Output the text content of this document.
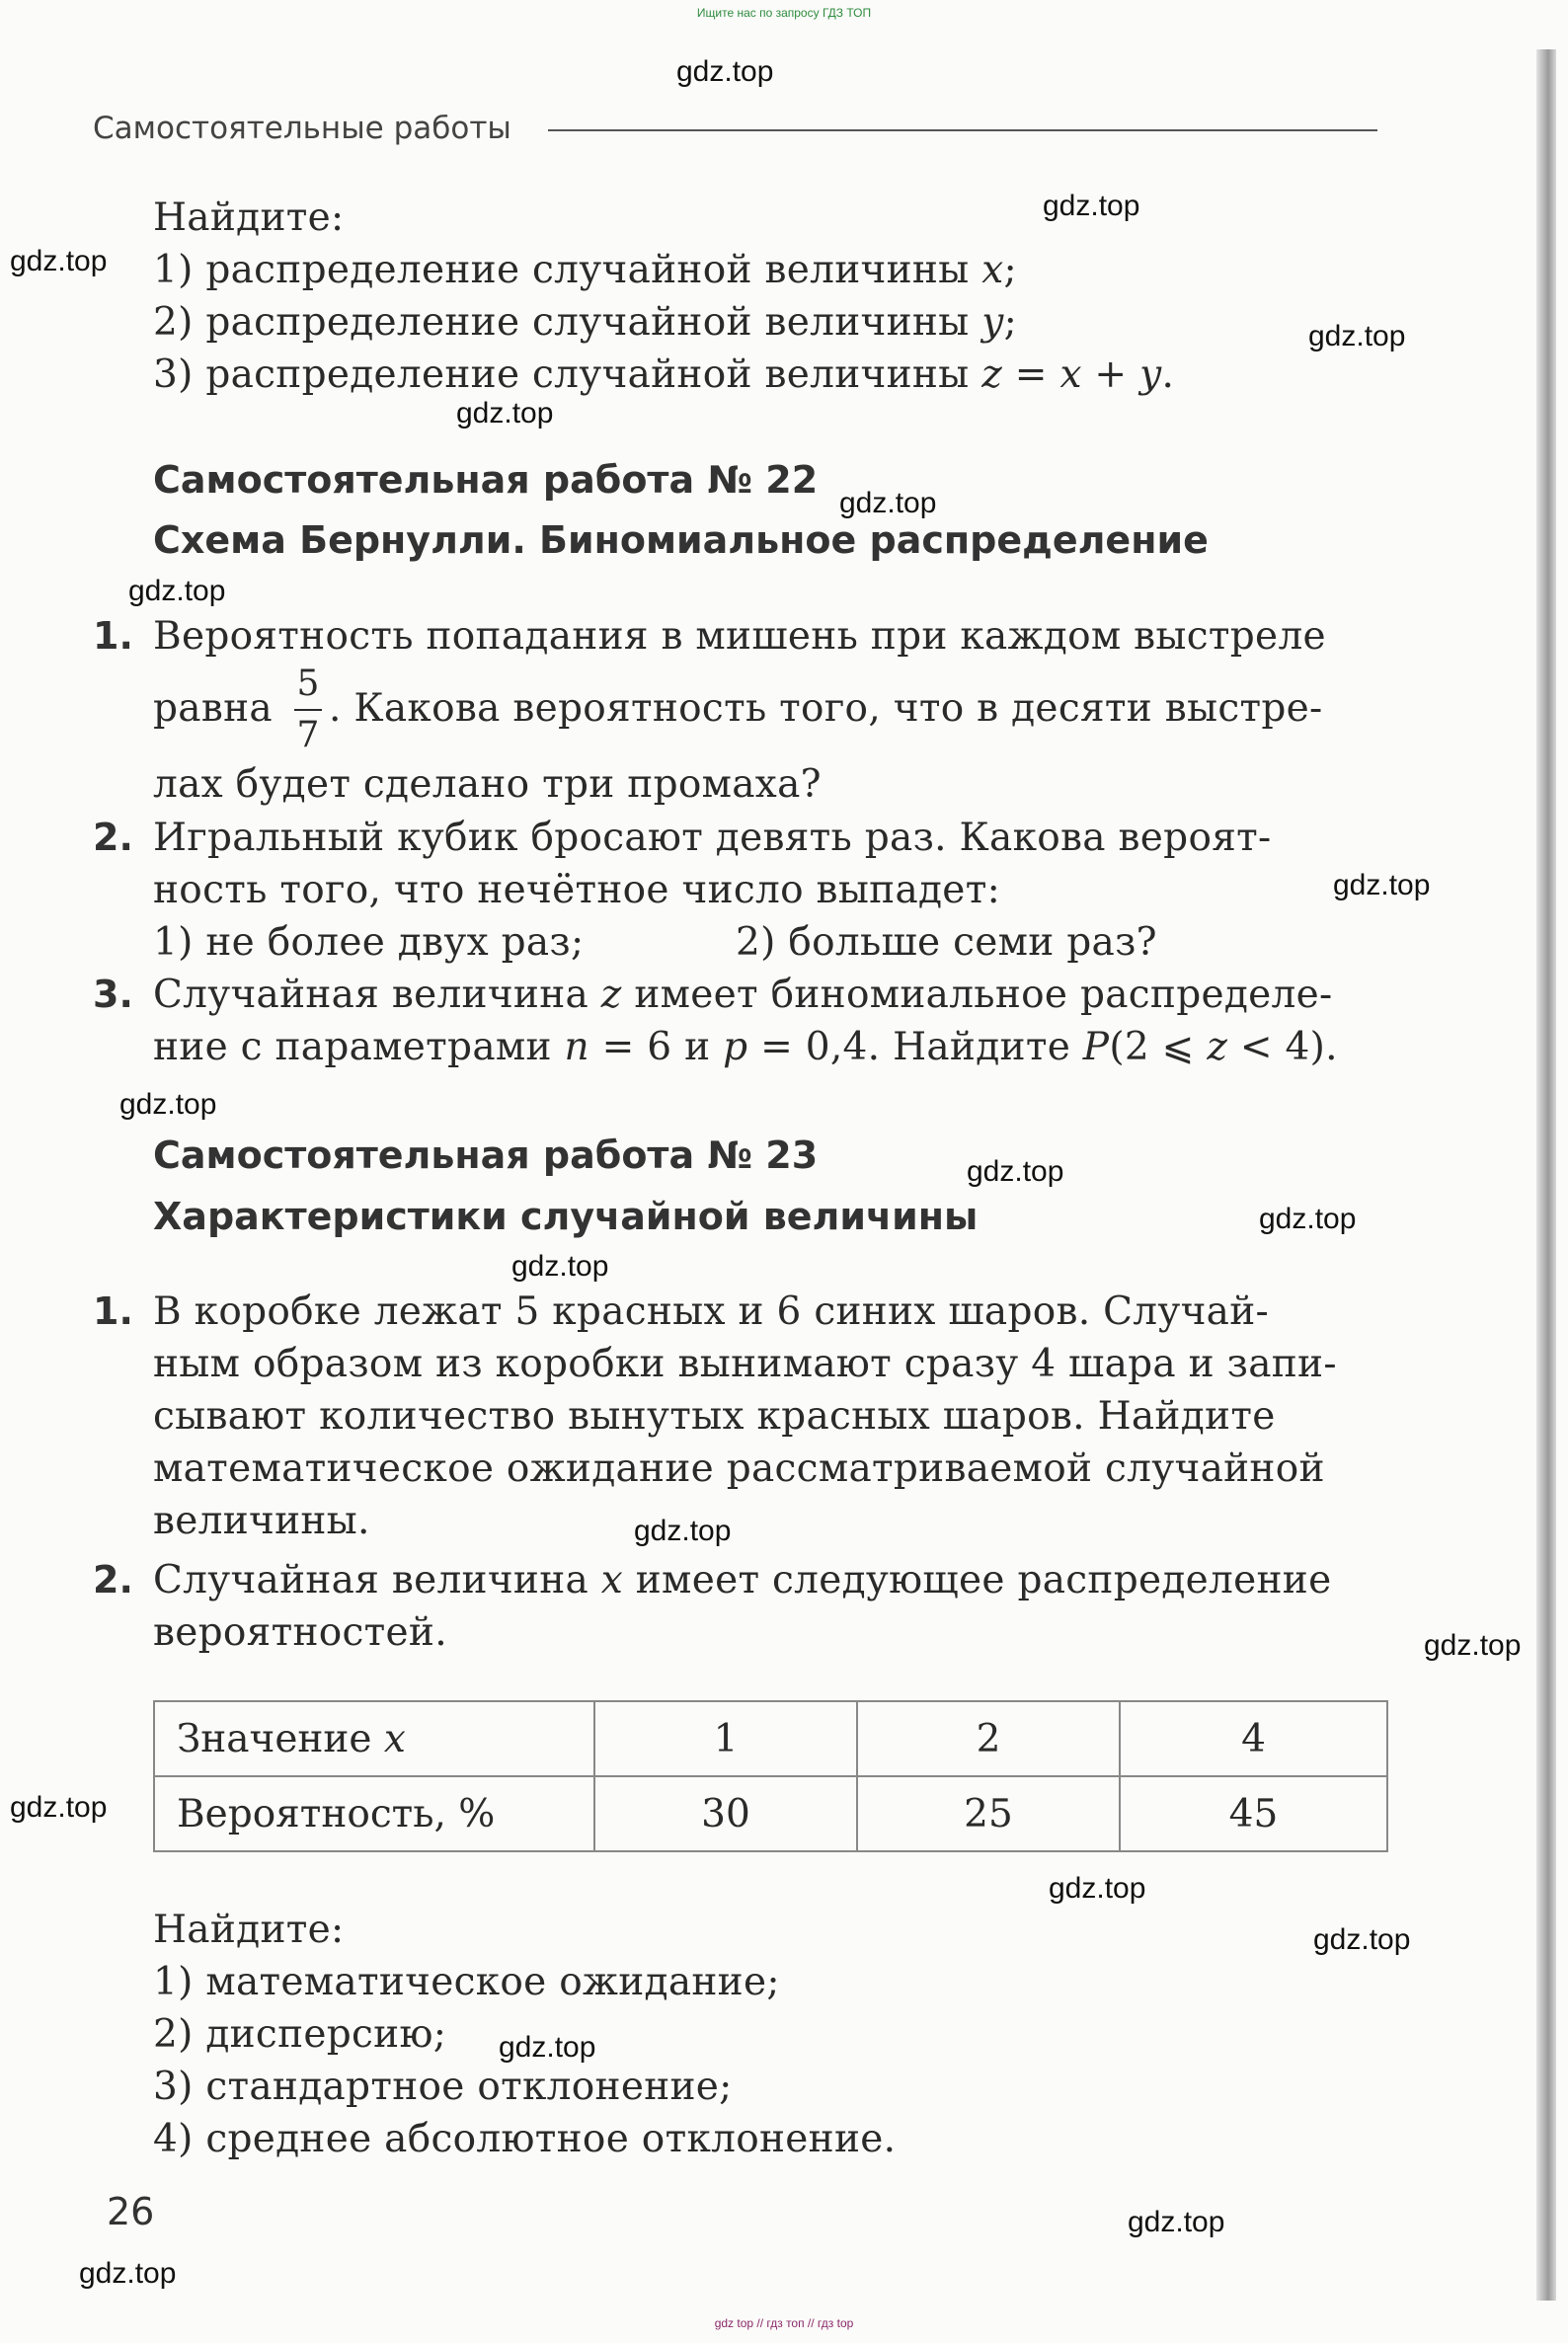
Ищите нас по запросу ГДЗ ТОП
Самостоятельные работы
Найдите:
1) распределение случайной величины x;
2) распределение случайной величины y;
3) распределение случайной величины z = x + y.
Самостоятельная работа № 22
Схема Бернулли. Биномиальное распределение
1. Вероятность попадания в мишень при каждом выстреле
равна
5
7
. Какова вероятность того, что в десяти выстре-
лах будет сделано три промаха?
2. Игральный кубик бросают девять раз. Какова вероят-
ность того, что нечётное число выпадет:
1) не более двух раз;	2) больше семи раз?
3. Случайная величина z имеет биномиальное распределе-
ние с параметрами n = 6 и p = 0,4. Найдите P(2 ⩽ z < 4).
Самостоятельная работа № 23
Характеристики случайной величины
1. В коробке лежат 5 красных и 6 синих шаров. Случай-
ным образом из коробки вынимают сразу 4 шара и запи-
сывают количество вынутых красных шаров. Найдите
математическое ожидание рассматриваемой случайной
величины.
2. Случайная величина x имеет следующее распределение
вероятностей.
Значение x	1	2	4
Вероятность, %	30	25	45
Найдите:
1) математическое ожидание;
2) дисперсию;
3) стандартное отклонение;
4) среднее абсолютное отклонение.
26
gdz.top
gdz.top
gdz.top
gdz.top
gdz.top
gdz.top
gdz.top
gdz.top
gdz.top
gdz.top
gdz.top
gdz.top
gdz.top
gdz.top
gdz.top
gdz.top
gdz.top
gdz.top
gdz.top
gdz.top
gdz top // гдз топ // гдз top
